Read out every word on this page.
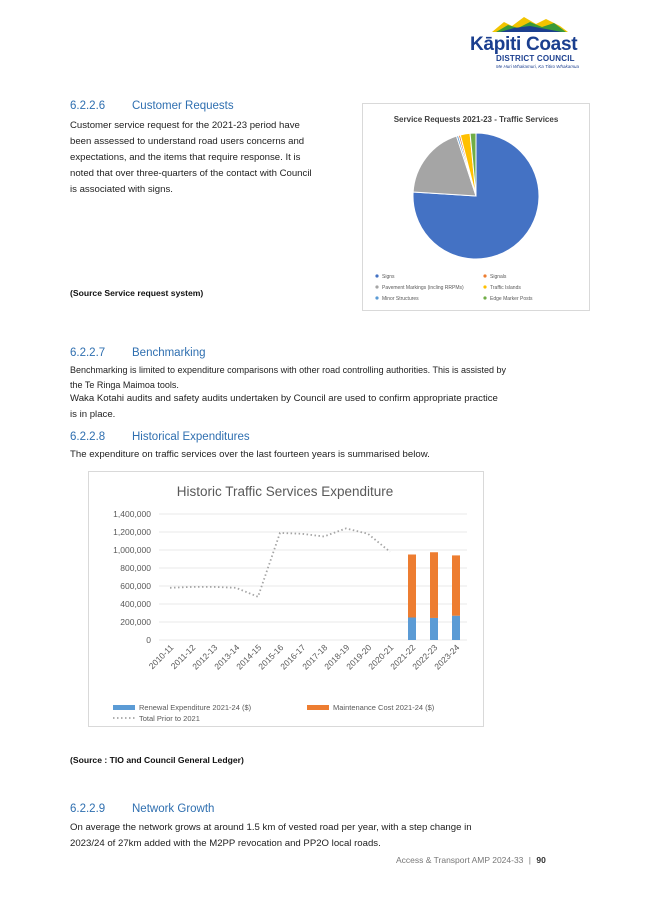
Kāpiti Coast
DISTRICT COUNCIL
Me Huri Whakamuri, Ka Titiro Whakamua
6.2.2.6 Customer Requests
Customer service request for the 2021-23 period have
been assessed to understand road users concerns and
expectations, and the items that require response. It is
noted that over three-quarters of the contact with Council
is associated with signs.
(Source Service request system)
Service Requests 2021-23 - Traffic Services
Signs	Signals
Pavement Markings (incling RRPMs)	Traffic Islands
Minor Structures	Edge Marker Posts
6.2.2.7 Benchmarking
Benchmarking is limited to expenditure comparisons with other road controlling authorities. This is assisted by
the Te Ringa Maimoa tools.
Waka Kotahi audits and safety audits undertaken by Council are used to confirm appropriate practice
is in place.
6.2.2.8 Historical Expenditures
The expenditure on traffic services over the last fourteen years is summarised below.
Historic Traffic Services Expenditure
0
200,000
400,000
600,000
800,000
1,000,000
1,200,000
1,400,000
2010-11
2011-12
2012-13
2013-14
2014-15
2015-16
2016-17
2017-18
2018-19
2019-20
2020-21
2021-22
2022-23
2023-24
Renewal Expenditure 2021-24 ($)	Maintenance Cost 2021-24 ($)
Total Prior to 2021
(Source : TIO and Council General Ledger)
6.2.2.9 Network Growth
On average the network grows at around 1.5 km of vested road per year, with a step change in
2023/24 of 27km added with the M2PP revocation and PP2O local roads.
Access & Transport AMP 2024-33 | 90
